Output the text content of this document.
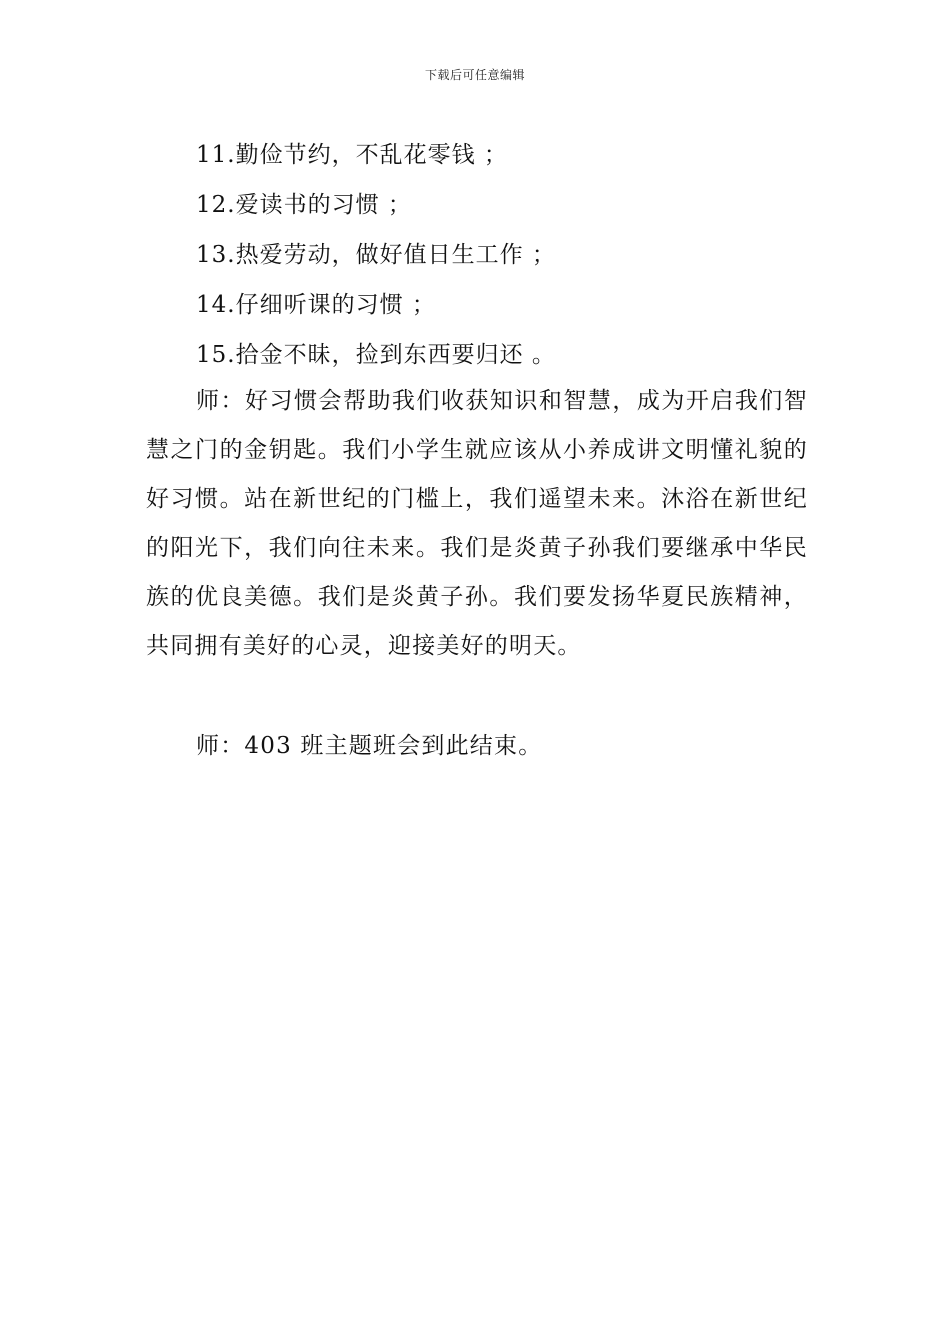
下载后可任意编辑
11.勤俭节约，不乱花零钱 ；
12.爱读书的习惯 ；
13.热爱劳动，做好值日生工作 ；
14.仔细听课的习惯 ；
15.拾金不昧，捡到东西要归还 。

师：好习惯会帮助我们收获知识和智慧，成为开启我们智慧之门的金钥匙。我们小学生就应该从小养成讲文明懂礼貌的好习惯。站在新世纪的门槛上，我们遥望未来。沐浴在新世纪的阳光下，我们向往未来。我们是炎黄子孙我们要继承中华民族的优良美德。我们是炎黄子孙。我们要发扬华夏民族精神，共同拥有美好的心灵，迎接美好的明天。

师：403 班主题班会到此结束。
